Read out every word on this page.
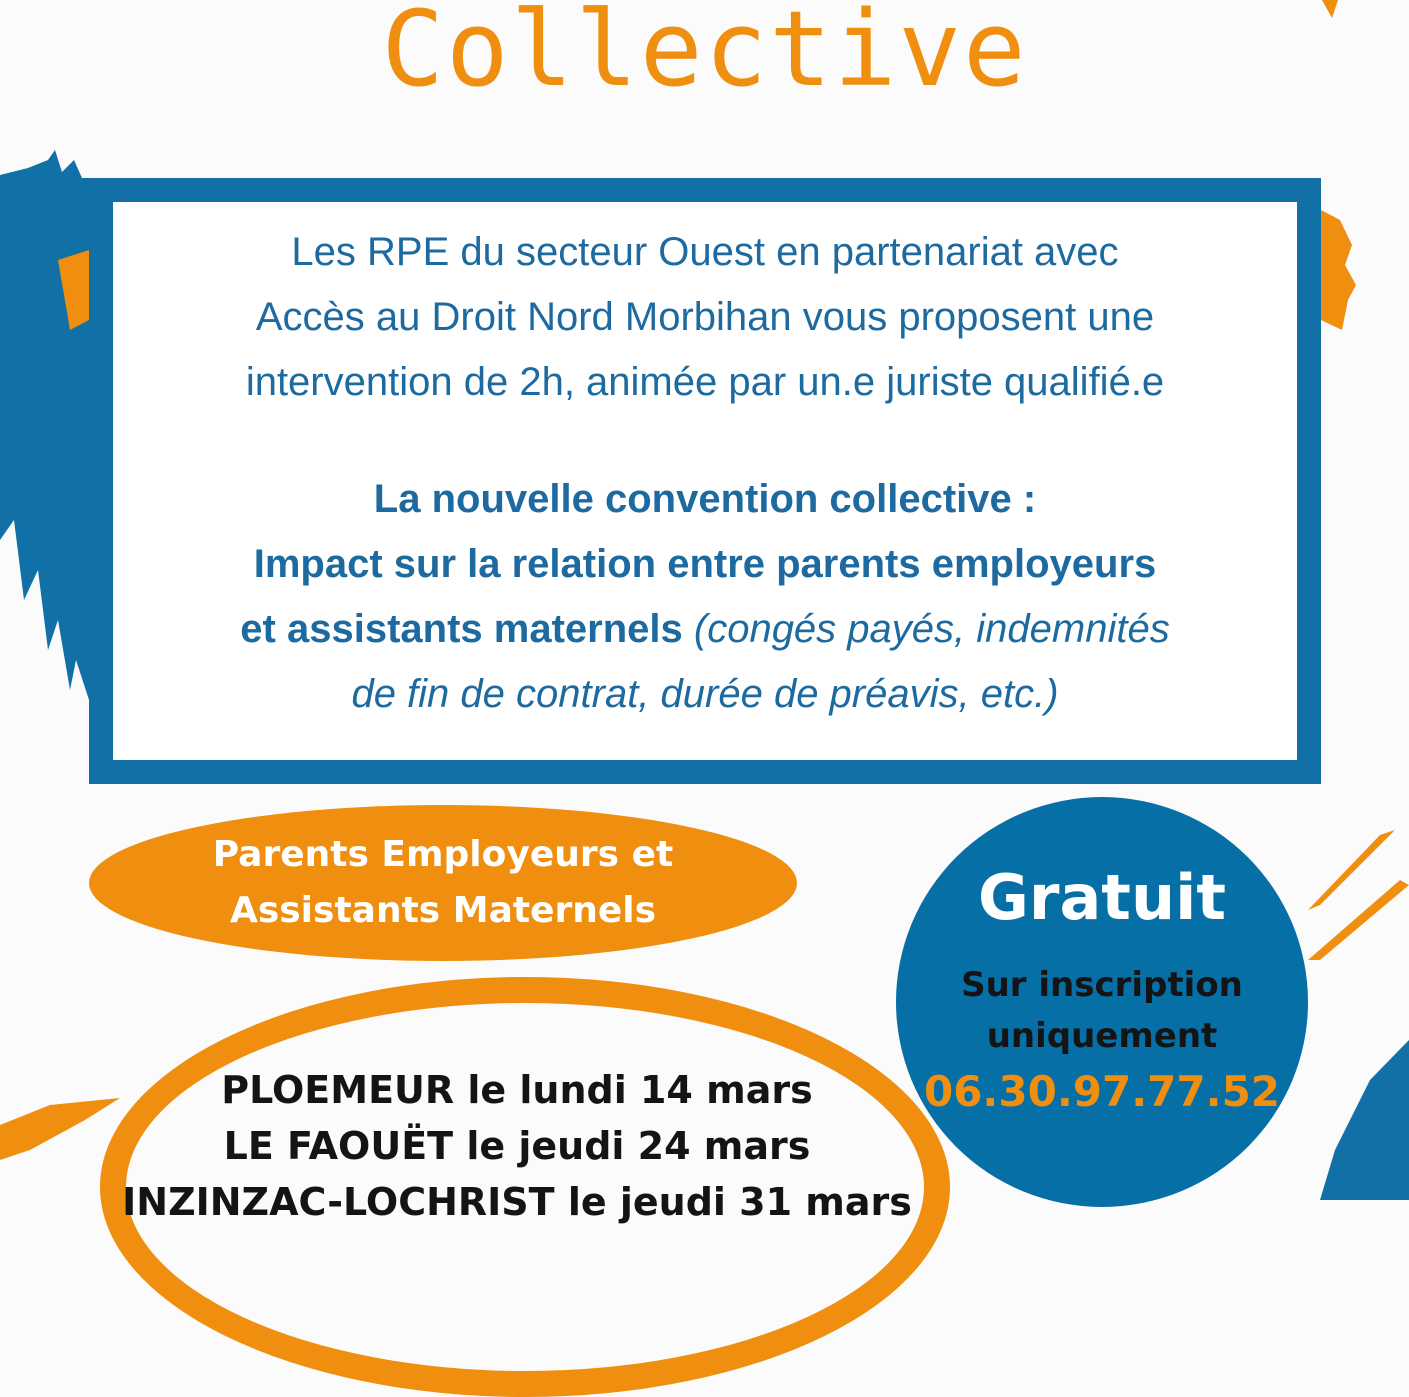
Collective
Les RPE du secteur Ouest en partenariat avec
Accès au Droit Nord Morbihan vous proposent une
intervention de 2h, animée par un.e juriste qualifié.e
La nouvelle convention collective :
Impact sur la relation entre parents employeurs
et assistants maternels (congés payés, indemnités
de fin de contrat, durée de préavis, etc.)
Parents Employeurs et
Assistants Maternels
PLOEMEUR le lundi 14 mars
LE FAOUËT le jeudi 24 mars
INZINZAC-LOCHRIST le jeudi 31 mars
Gratuit
Sur inscription
uniquement
06.30.97.77.52
